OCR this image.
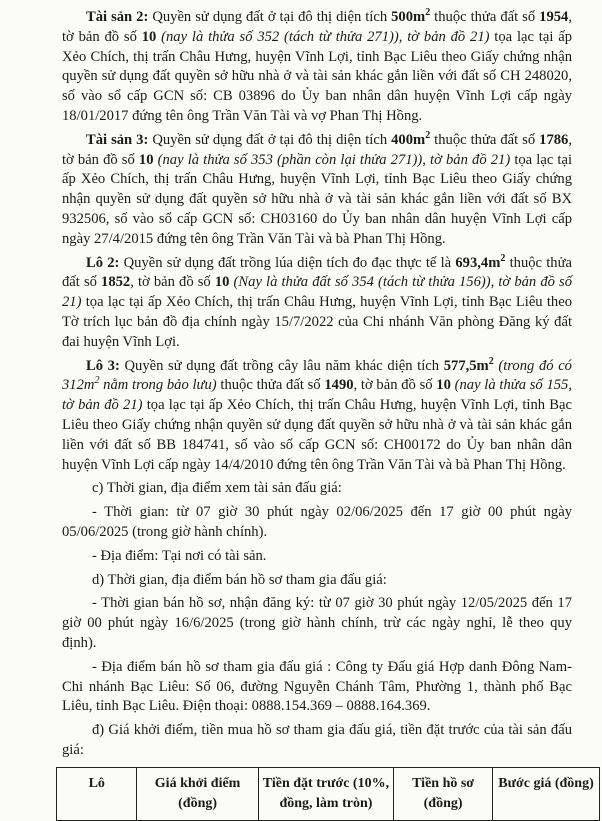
Tài sản 2: Quyền sử dụng đất ở tại đô thị diện tích $500m^2$ thuộc thửa đất số 1954, tờ bản đồ số 10 (nay là thửa số 352 (tách từ thửa 271)), tờ bản đồ 21) tọa lạc tại ấp Xẻo Chích, thị trấn Châu Hưng, huyện Vĩnh Lợi, tỉnh Bạc Liêu theo Giấy chứng nhận quyền sử dụng đất quyền sở hữu nhà ở và tài sản khác gắn liền với đất số CH 248020, số vào sổ cấp GCN số: CB 03896 do Ủy ban nhân dân huyện Vĩnh Lợi cấp ngày 18/01/2017 đứng tên ông Trần Văn Tài và vợ Phan Thị Hồng.

Tài sản 3: Quyền sử dụng đất ở tại đô thị diện tích $400m^2$ thuộc thửa đất số 1786, tờ bản đồ số 10 (nay là thửa số 353 (phần còn lại thửa 271)), tờ bản đồ 21) tọa lạc tại ấp Xẻo Chích, thị trấn Châu Hưng, huyện Vĩnh Lợi, tỉnh Bạc Liêu theo Giấy chứng nhận quyền sử dụng đất quyền sở hữu nhà ở và tài sản khác gắn liền với đất số BX 932506, số vào sổ cấp GCN số: CH03160 do Ủy ban nhân dân huyện Vĩnh Lợi cấp ngày 27/4/2015 đứng tên ông Trần Văn Tài và bà Phan Thị Hồng.

Lô 2: Quyền sử dụng đất trồng lúa diện tích đo đạc thực tế là $693,4m^2$ thuộc thửa đất số 1852, tờ bản đồ số 10 (Nay là thửa đất số 354 (tách từ thửa 156)), tờ bản đồ số 21) tọa lạc tại ấp Xẻo Chích, thị trấn Châu Hưng, huyện Vĩnh Lợi, tỉnh Bạc Liêu theo Tờ trích lục bản đồ địa chính ngày 15/7/2022 của Chi nhánh Văn phòng Đăng ký đất đai huyện Vĩnh Lợi.

Lô 3: Quyền sử dụng đất trồng cây lâu năm khác diện tích $577,5m^2$ (trong đó có $312m^2$ nằm trong bảo lưu) thuộc thửa đất số 1490, tờ bản đồ số 10 (nay là thửa số 155, tờ bản đồ 21) tọa lạc tại ấp Xẻo Chích, thị trấn Châu Hưng, huyện Vĩnh Lợi, tỉnh Bạc Liêu theo Giấy chứng nhận quyền sử dụng đất quyền sở hữu nhà ở và tài sản khác gắn liền với đất số BB 184741, số vào sổ cấp GCN số: CH00172 do Ủy ban nhân dân huyện Vĩnh Lợi cấp ngày 14/4/2010 đứng tên ông Trần Văn Tài và bà Phan Thị Hồng.

c) Thời gian, địa điểm xem tài sản đấu giá:

- Thời gian: từ 07 giờ 30 phút ngày 02/06/2025 đến 17 giờ 00 phút ngày 05/06/2025 (trong giờ hành chính).

- Địa điểm: Tại nơi có tài sản.

d) Thời gian, địa điểm bán hồ sơ tham gia đấu giá:

- Thời gian bán hồ sơ, nhận đăng ký: từ 07 giờ 30 phút ngày 12/05/2025 đến 17 giờ 00 phút ngày 16/6/2025 (trong giờ hành chính, trừ các ngày nghỉ, lễ theo quy định).

- Địa điểm bán hồ sơ tham gia đấu giá : Công ty Đấu giá Hợp danh Đông Nam- Chi nhánh Bạc Liêu: Số 06, đường Nguyễn Chánh Tâm, Phường 1, thành phố Bạc Liêu, tỉnh Bạc Liêu. Điện thoại: 0888.154.369 – 0888.164.369.

đ) Giá khởi điểm, tiền mua hồ sơ tham gia đấu giá, tiền đặt trước của tài sản đấu giá:

Lô	Giá khởi điểm (đồng)	Tiền đặt trước (10%, đồng, làm tròn)	Tiền hồ sơ (đồng)	Bước giá (đồng)
